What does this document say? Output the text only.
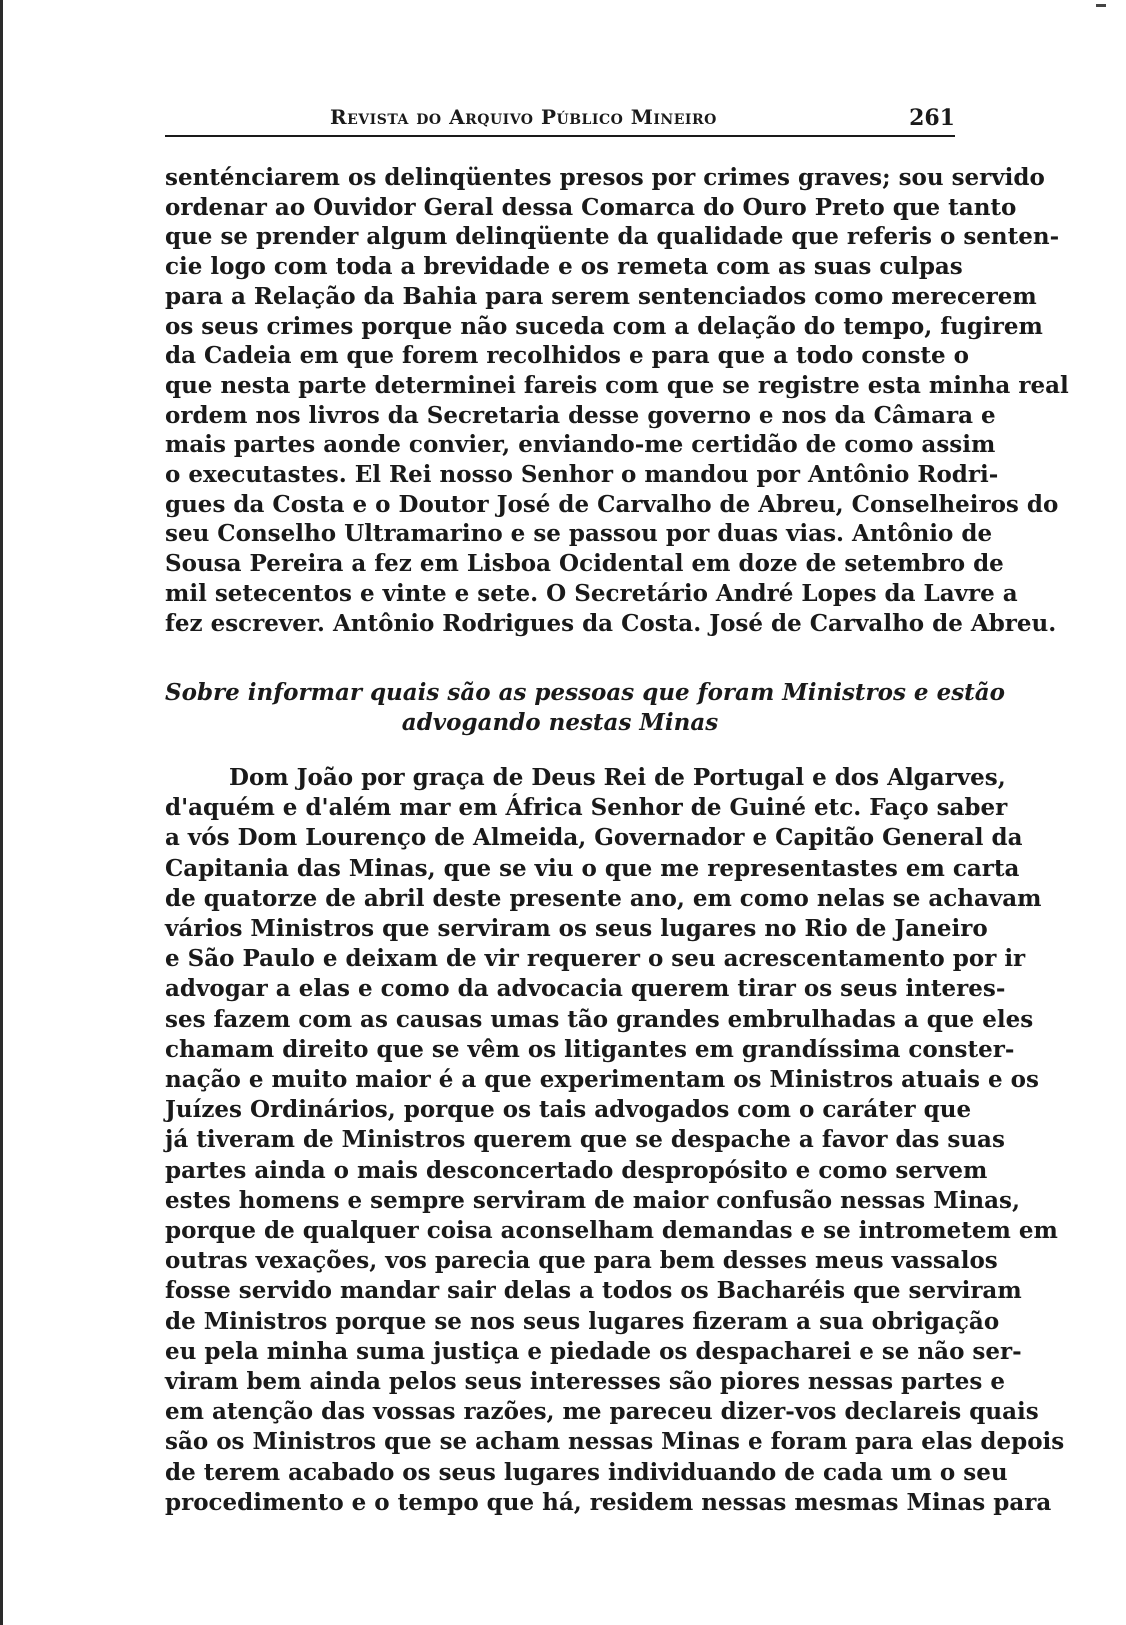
Revista do Arquivo Público Mineiro	261
senténciarem os delinqüentes presos por crimes graves; sou servido
ordenar ao Ouvidor Geral dessa Comarca do Ouro Preto que tanto
que se prender algum delinqüente da qualidade que referis o senten-
cie logo com toda a brevidade e os remeta com as suas culpas
para a Relação da Bahia para serem sentenciados como merecerem
os seus crimes porque não suceda com a delação do tempo, fugirem
da Cadeia em que forem recolhidos e para que a todo conste o
que nesta parte determinei fareis com que se registre esta minha real
ordem nos livros da Secretaria desse governo e nos da Câmara e
mais partes aonde convier, enviando-me certidão de como assim
o executastes. El Rei nosso Senhor o mandou por Antônio Rodri-
gues da Costa e o Doutor José de Carvalho de Abreu, Conselheiros do
seu Conselho Ultramarino e se passou por duas vias. Antônio de
Sousa Pereira a fez em Lisboa Ocidental em doze de setembro de
mil setecentos e vinte e sete. O Secretário André Lopes da Lavre a
fez escrever. Antônio Rodrigues da Costa. José de Carvalho de Abreu.
Sobre informar quais são as pessoas que foram Ministros e estão
advogando nestas Minas
Dom João por graça de Deus Rei de Portugal e dos Algarves,
d'aquém e d'além mar em África Senhor de Guiné etc. Faço saber
a vós Dom Lourenço de Almeida, Governador e Capitão General da
Capitania das Minas, que se viu o que me representastes em carta
de quatorze de abril deste presente ano, em como nelas se achavam
vários Ministros que serviram os seus lugares no Rio de Janeiro
e São Paulo e deixam de vir requerer o seu acrescentamento por ir
advogar a elas e como da advocacia querem tirar os seus interes-
ses fazem com as causas umas tão grandes embrulhadas a que eles
chamam direito que se vêm os litigantes em grandíssima conster-
nação e muito maior é a que experimentam os Ministros atuais e os
Juízes Ordinários, porque os tais advogados com o caráter que
já tiveram de Ministros querem que se despache a favor das suas
partes ainda o mais desconcertado despropósito e como servem
estes homens e sempre serviram de maior confusão nessas Minas,
porque de qualquer coisa aconselham demandas e se intrometem em
outras vexações, vos parecia que para bem desses meus vassalos
fosse servido mandar sair delas a todos os Bacharéis que serviram
de Ministros porque se nos seus lugares fizeram a sua obrigação
eu pela minha suma justiça e piedade os despacharei e se não ser-
viram bem ainda pelos seus interesses são piores nessas partes e
em atenção das vossas razões, me pareceu dizer-vos declareis quais
são os Ministros que se acham nessas Minas e foram para elas depois
de terem acabado os seus lugares individuando de cada um o seu
procedimento e o tempo que há, residem nessas mesmas Minas para
